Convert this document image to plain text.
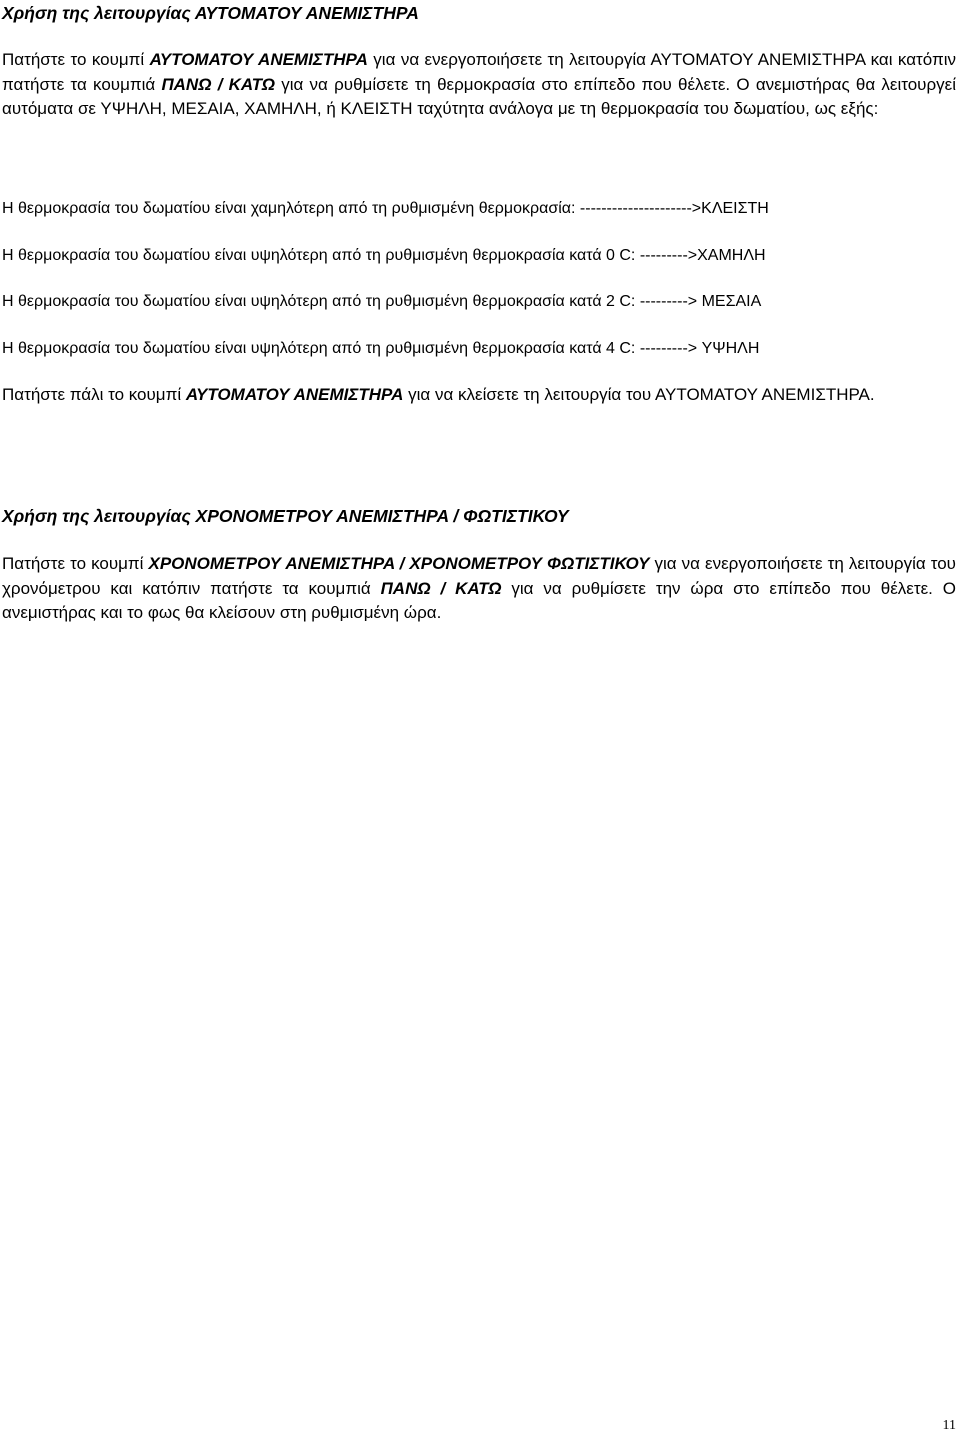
Χρήση της λειτουργίας ΑΥΤΟΜΑΤΟΥ ΑΝΕΜΙΣΤΗΡΑ

Πατήστε το κουμπί ΑΥΤΟΜΑΤΟΥ ΑΝΕΜΙΣΤΗΡΑ για να ενεργοποιήσετε τη λειτουργία ΑΥΤΟΜΑΤΟΥ ΑΝΕΜΙΣΤΗΡΑ και κατόπιν πατήστε τα κουμπιά ΠΑΝΩ / ΚΑΤΩ για να ρυθμίσετε τη θερμοκρασία στο επίπεδο που θέλετε. Ο ανεμιστήρας θα λειτουργεί αυτόματα σε ΥΨΗΛΗ, ΜΕΣΑΙΑ, ΧΑΜΗΛΗ, ή ΚΛΕΙΣΤΗ ταχύτητα ανάλογα με τη θερμοκρασία του δωματίου, ως εξής:

Η θερμοκρασία του δωματίου είναι χαμηλότερη από τη ρυθμισμένη θερμοκρασία: --------------------->ΚΛΕΙΣΤΗ

Η θερμοκρασία του δωματίου είναι υψηλότερη από τη ρυθμισμένη θερμοκρασία κατά 0 C: --------->ΧΑΜΗΛΗ

Η θερμοκρασία του δωματίου είναι υψηλότερη από τη ρυθμισμένη θερμοκρασία κατά 2 C: ---------> ΜΕΣΑΙΑ

Η θερμοκρασία του δωματίου είναι υψηλότερη από τη ρυθμισμένη θερμοκρασία κατά 4 C: ---------> ΥΨΗΛΗ

Πατήστε πάλι το κουμπί ΑΥΤΟΜΑΤΟΥ ΑΝΕΜΙΣΤΗΡΑ για να κλείσετε τη λειτουργία του ΑΥΤΟΜΑΤΟΥ ΑΝΕΜΙΣΤΗΡΑ.

Χρήση της λειτουργίας ΧΡΟΝΟΜΕΤΡΟΥ ΑΝΕΜΙΣΤΗΡΑ / ΦΩΤΙΣΤΙΚΟΥ

Πατήστε το κουμπί ΧΡΟΝΟΜΕΤΡΟΥ ΑΝΕΜΙΣΤΗΡΑ / ΧΡΟΝΟΜΕΤΡΟΥ ΦΩΤΙΣΤΙΚΟΥ για να ενεργοποιήσετε τη λειτουργία του χρονόμετρου και κατόπιν πατήστε τα κουμπιά ΠΑΝΩ / ΚΑΤΩ για να ρυθμίσετε την ώρα στο επίπεδο που θέλετε. Ο ανεμιστήρας και το φως θα κλείσουν στη ρυθμισμένη ώρα.

11
